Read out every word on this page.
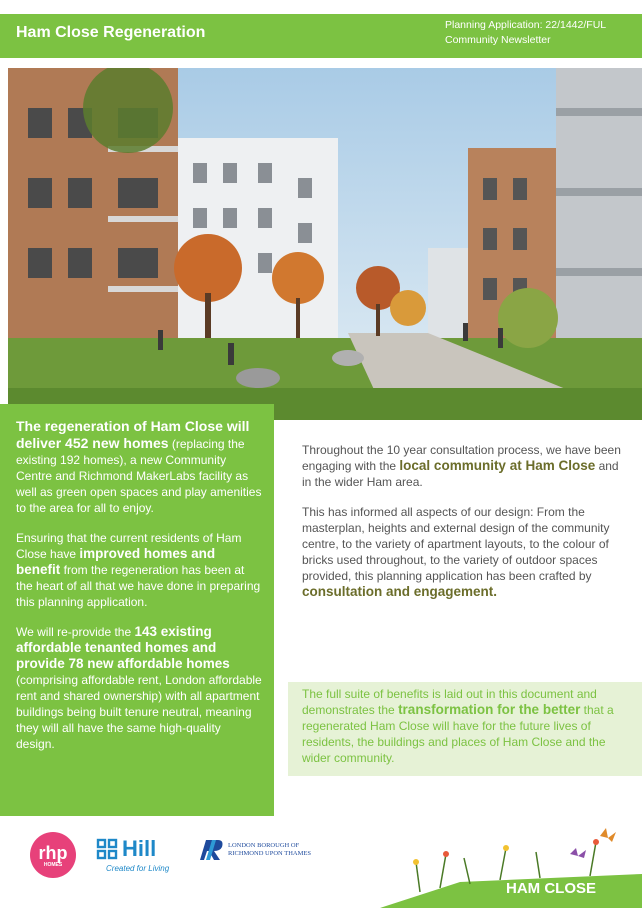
Ham Close Regeneration	Planning Application: 22/1442/FUL
Community Newsletter

The regeneration of Ham Close will deliver 452 new homes (replacing the existing 192 homes), a new Community Centre and Richmond MakerLabs facility as well as green open spaces and play amenities to the area for all to enjoy.

Ensuring that the current residents of Ham Close have improved homes and benefit from the regeneration has been at the heart of all that we have done in preparing this planning application.

We will re-provide the 143 existing affordable tenanted homes and provide 78 new affordable homes (comprising affordable rent, London affordable rent and shared ownership) with all apartment buildings being built tenure neutral, meaning they will all have the same high-quality design.

Throughout the 10 year consultation process, we have been engaging with the local community at Ham Close and in the wider Ham area.

This has informed all aspects of our design: From the masterplan, heights and external design of the community centre, to the variety of apartment layouts, to the colour of bricks used throughout, to the variety of outdoor spaces provided, this planning application has been crafted by consultation and engagement.

The full suite of benefits is laid out in this document and demonstrates the transformation for the better that a regenerated Ham Close will have for the future lives of residents, the buildings and places of Ham Close and the wider community.
rhp
HOMES
Hill
Created for Living
LONDON BOROUGH OF
RICHMOND UPON THAMES
HAM CLOSE
